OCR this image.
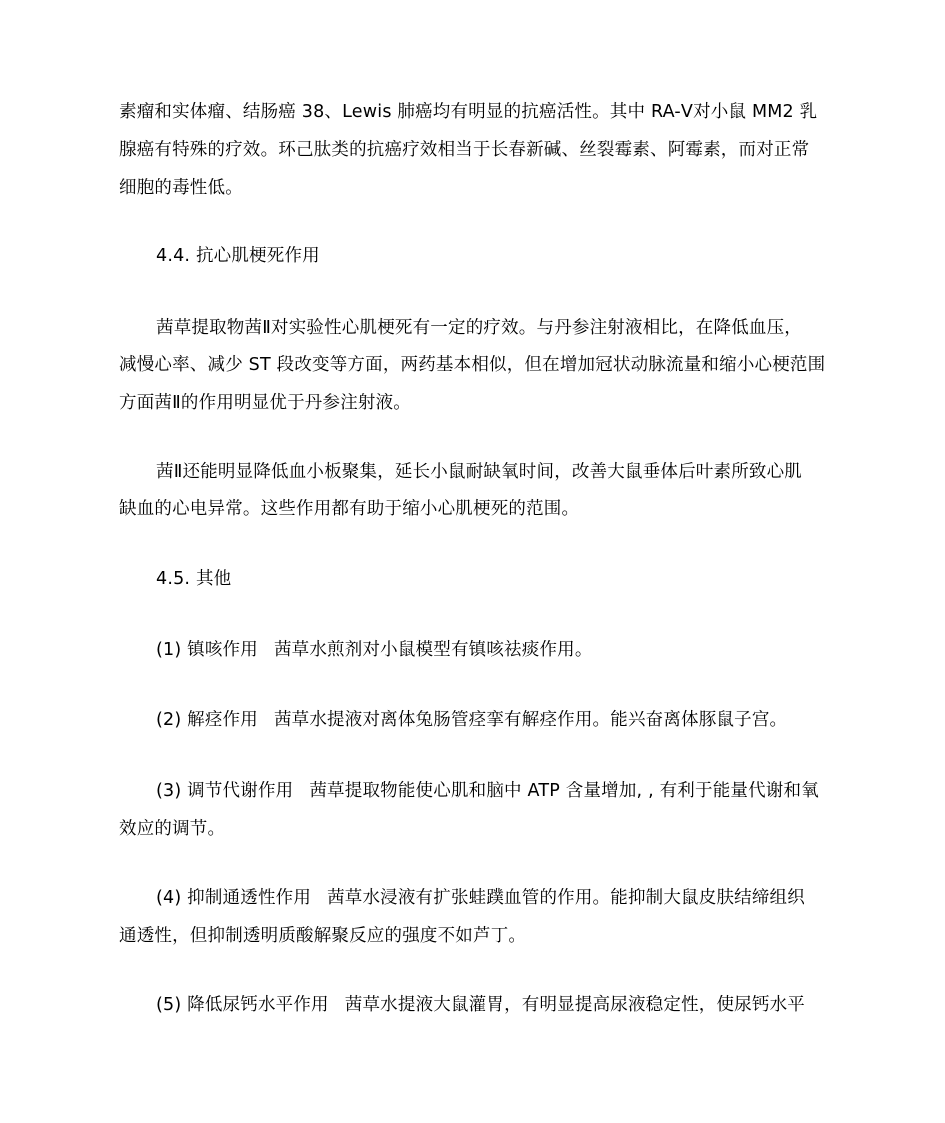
素瘤和实体瘤、结肠癌 38、Lewis 肺癌均有明显的抗癌活性。其中 RA-Ⅴ对小鼠 MM2 乳
腺癌有特殊的疗效。环己肽类的抗癌疗效相当于长春新碱、丝裂霉素、阿霉素，而对正常
细胞的毒性低。
4.4. 抗心肌梗死作用
茜草提取物茜Ⅱ对实验性心肌梗死有一定的疗效。与丹参注射液相比，在降低血压，
减慢心率、减少 ST 段改变等方面，两药基本相似，但在增加冠状动脉流量和缩小心梗范围
方面茜Ⅱ的作用明显优于丹参注射液。
茜Ⅱ还能明显降低血小板聚集，延长小鼠耐缺氧时间，改善大鼠垂体后叶素所致心肌
缺血的心电异常。这些作用都有助于缩小心肌梗死的范围。
4.5. 其他
(1) 镇咳作用 茜草水煎剂对小鼠模型有镇咳祛痰作用。
(2) 解痉作用 茜草水提液对离体兔肠管痉挛有解痉作用。能兴奋离体豚鼠子宫。
(3) 调节代谢作用 茜草提取物能使心肌和脑中 ATP 含量增加, , 有利于能量代谢和氧
效应的调节。
(4) 抑制通透性作用 茜草水浸液有扩张蛙蹼血管的作用。能抑制大鼠皮肤结缔组织
通透性，但抑制透明质酸解聚反应的强度不如芦丁。
(5) 降低尿钙水平作用 茜草水提液大鼠灌胃，有明显提高尿液稳定性，使尿钙水平
